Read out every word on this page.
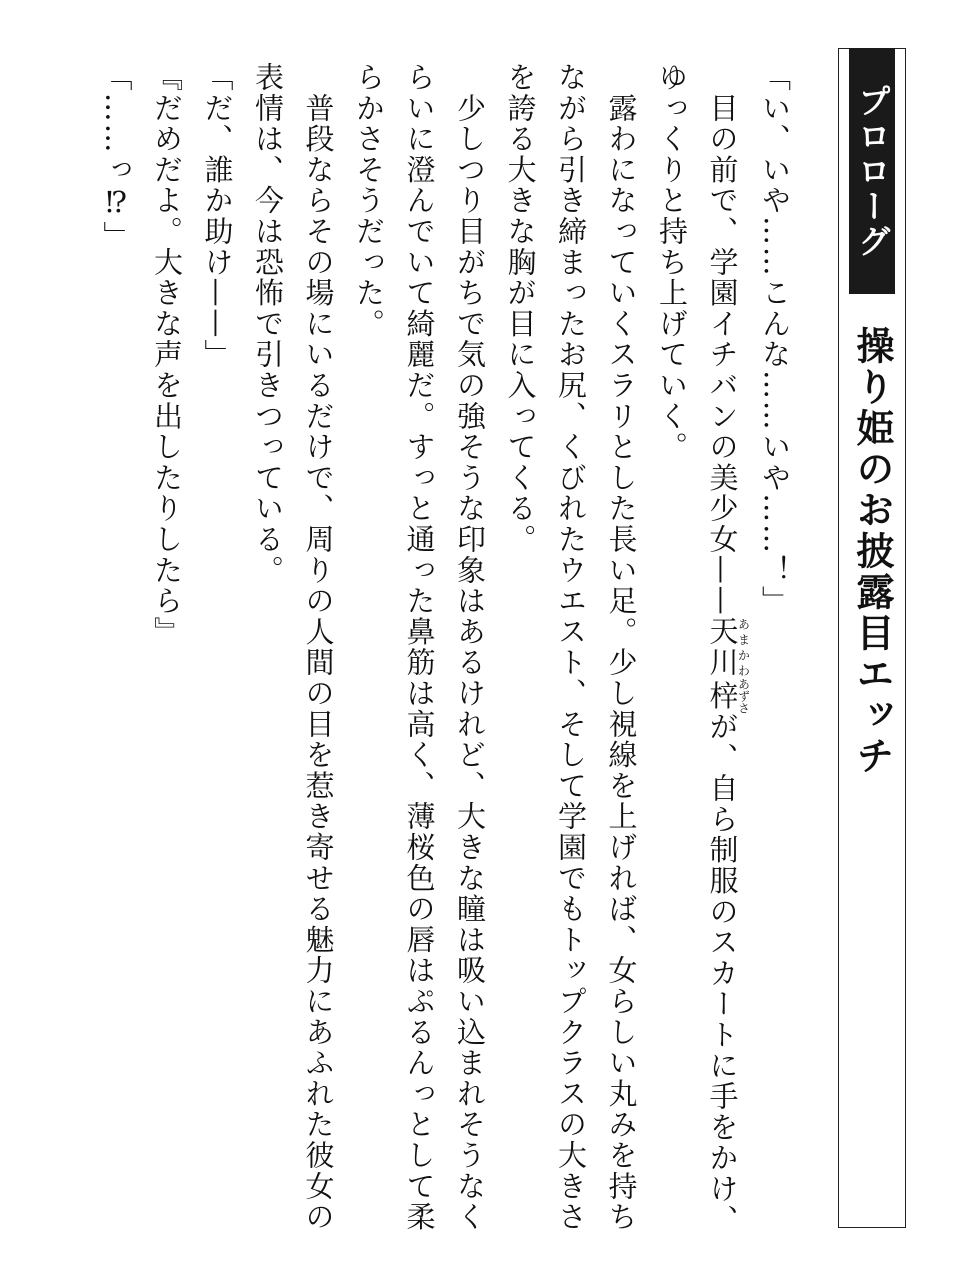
プロローグ
操り姫のお披露目エッチ

「い、いや……こんな……いや……！」

　目の前で、学園イチバンの美少女——天川あまかわ梓あずさが、自ら制服のスカートに手をかけ、ゆっくりと持ち上げていく。

　露わになっていくスラリとした長い足。少し視線を上げれば、女らしい丸みを持ちながら引き締まったお尻、くびれたウエスト、そして学園でもトップクラスの大きさを誇る大きな胸が目に入ってくる。

　少しつり目がちで気の強そうな印象はあるけれど、大きな瞳は吸い込まれそうなくらいに澄んでいて綺麗だ。すっと通った鼻筋は高く、薄桜色の唇はぷるんっとして柔らかさそうだった。

　普段ならその場にいるだけで、周りの人間の目を惹き寄せる魅力にあふれた彼女の表情は、今は恐怖で引きつっている。

「だ、誰か助け——」

『だめだよ。大きな声を出したりしたら』

「……っ⁉」
